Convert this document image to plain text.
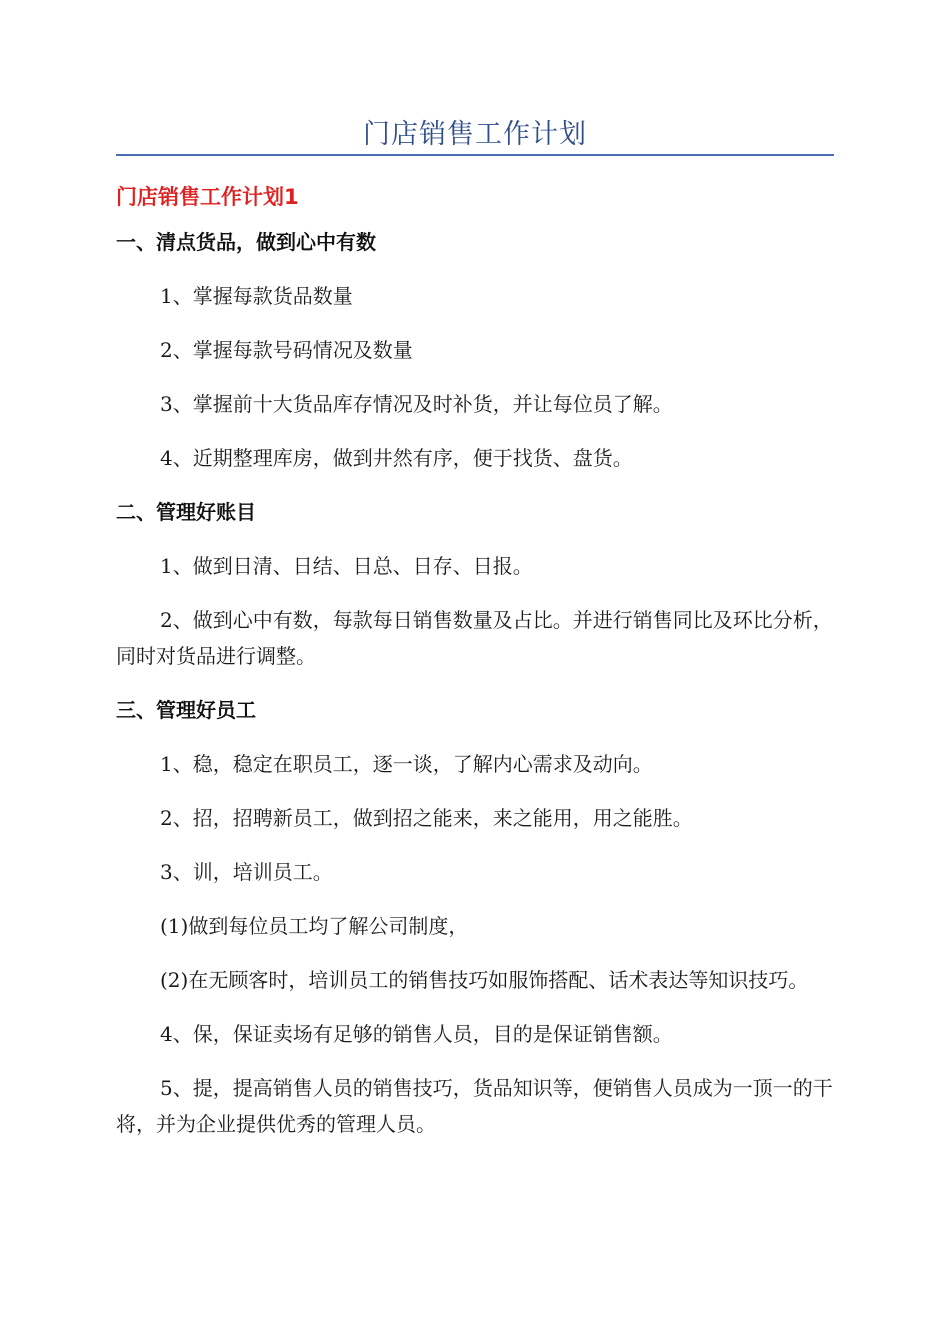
门店销售工作计划
门店销售工作计划1
一、清点货品，做到心中有数
1、掌握每款货品数量
2、掌握每款号码情况及数量
3、掌握前十大货品库存情况及时补货，并让每位员了解。
4、近期整理库房，做到井然有序，便于找货、盘货。
二、管理好账目
1、做到日清、日结、日总、日存、日报。
2、做到心中有数，每款每日销售数量及占比。并进行销售同比及环比分析，同时对货品进行调整。
三、管理好员工
1、稳，稳定在职员工，逐一谈，了解内心需求及动向。
2、招，招聘新员工，做到招之能来，来之能用，用之能胜。
3、训，培训员工。
(1)做到每位员工均了解公司制度，
(2)在无顾客时，培训员工的销售技巧如服饰搭配、话术表达等知识技巧。
4、保，保证卖场有足够的销售人员，目的是保证销售额。
5、提，提高销售人员的销售技巧，货品知识等，便销售人员成为一顶一的干将，并为企业提供优秀的管理人员。
